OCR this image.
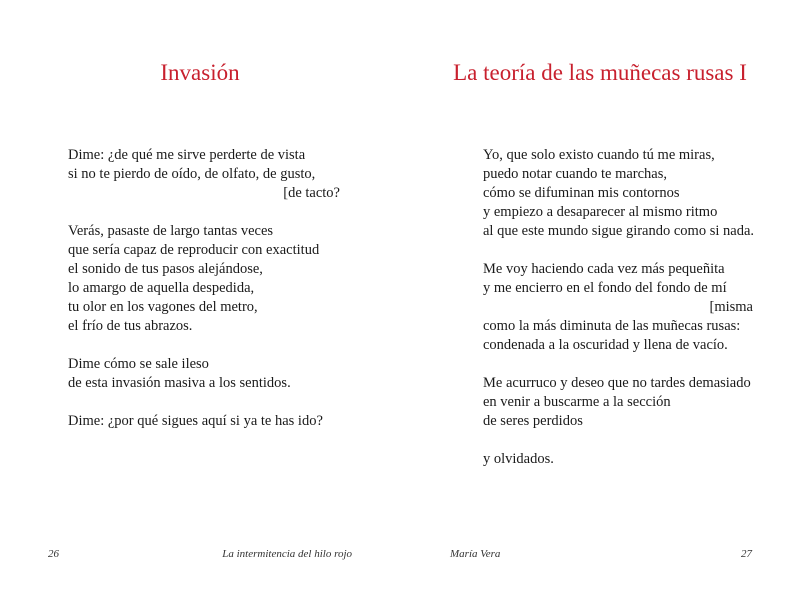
Invasión

Dime: ¿de qué me sirve perderte de vista
si no te pierdo de oído, de olfato, de gusto,
[de tacto?

Verás, pasaste de largo tantas veces
que sería capaz de reproducir con exactitud
el sonido de tus pasos alejándose,
lo amargo de aquella despedida,
tu olor en los vagones del metro,
el frío de tus abrazos.

Dime cómo se sale ileso
de esta invasión masiva a los sentidos.

Dime: ¿por qué sigues aquí si ya te has ido?

26	La intermitencia del hilo rojo
La teoría de las muñecas rusas I

Yo, que solo existo cuando tú me miras,
puedo notar cuando te marchas,
cómo se difuminan mis contornos
y empiezo a desaparecer al mismo ritmo
al que este mundo sigue girando como si nada.

Me voy haciendo cada vez más pequeñita
y me encierro en el fondo del fondo de mí
[misma
como la más diminuta de las muñecas rusas:
condenada a la oscuridad y llena de vacío.

Me acurruco y deseo que no tardes demasiado
en venir a buscarme a la sección
de seres perdidos

y olvidados.

María Vera	27
